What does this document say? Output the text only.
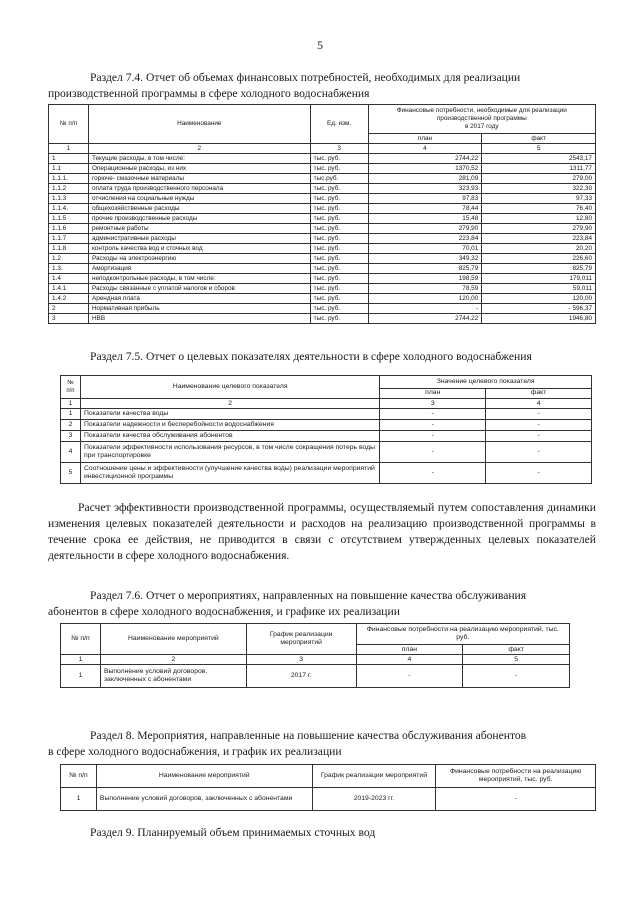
5
Раздел 7.4. Отчет об объемах финансовых потребностей, необходимых для реализации
производственной программы в сфере холодного водоснабжения
№ п/п	Наименование	Ед. изм.	Финансовые потребности, необходимые для реализации
производственной программы
в 2017 году	

			план	факт
1	2	3	4	5
1	Текущие расходы, в том числе:	тыс. руб.	2744,22	2543,17
1.1	Операционные расходы, из них	тыс. руб.	1370,52	1311,77
1.1.1.	горюче- смазочные материалы	тыс.руб.	281,09	279,00
1.1.2	оплата труда производственного персонала	тыс. руб.	323,93	322,30
1.1.3	отчисления на социальные нужды	тыс. руб.	97,83	97,33
1.1.4.	общехозяйственные расходы	тыс. руб.	78,44	76,40
1.1.5	прочие производственные расходы	тыс. руб.	15,48	12,80
1.1.6	ремонтные работы	тыс. руб.	279,90	279,90
1.1.7	административные расходы	тыс. руб.	223,84	223,84
1.1.8	контроль качества вод и сточных вод	тыс. руб.	70,01	20,20
1.2	Расходы на электроэнергию	тыс. руб.	349,32	226,60
1.3.	Амортизация	тыс. руб.	825,79	825,79
1.4	неподконтрольные расходы, в том числе:	тыс. руб.	198,59	179,011
1.4.1	Расходы связанные с уплатой налогов и сборов	тыс. руб.	78,59	59,011
1.4.2	Арендная плата	тыс. руб.	120,00	120,00
2	Нормативная прибыль	тыс. руб.	-	- 596,37
3	НВВ	тыс. руб.	2744,22	1946,80
Раздел 7.5. Отчет о целевых показателях деятельности в сфере холодного водоснабжения
№ п/п	Наименование целевого показателя	Значение целевого показателя	
		план	факт
1	2	3	4
1	Показатели качества воды	-	-
2	Показатели надежности и бесперебойности водоснабжения	-	-
3	Показатели качества обслуживания абонентов	-	-
4	Показатели эффективности использования ресурсов, в том числе сокращения потерь воды при транспортировке	-	-
5	Соотношение цены и эффективности (улучшение качества воды) реализации мероприятий инвестиционной программы	-	-
Расчет эффективности производственной программы, осуществляемый путем сопоставления динамики изменения целевых показателей деятельности и расходов на реализацию производственной программы в течение срока ее действия, не приводится в связи с отсутствием утвержденных целевых показателей деятельности в сфере холодного водоснабжения.
Раздел 7.6. Отчет о мероприятиях, направленных на повышение качества обслуживания
абонентов в сфере холодного водоснабжения, и графике их реализации
№ п/п	Наименование мероприятий	График реализации мероприятий	Финансовые потребности на реализацию мероприятий, тыс. руб.	
			план	факт
1	2	3	4	5
1	Выполнение условий договоров, заключенных с абонентами	2017 г.	-	-
Раздел 8. Мероприятия, направленные на повышение качества обслуживания абонентов
в сфере холодного водоснабжения, и график их реализации
№ п/п	Наименование мероприятий	График реализации мероприятий	Финансовые потребности на реализацию мероприятий, тыс. руб.
1	Выполнение условий договоров, заключенных с абонентами	2019-2023 гг.	-
Раздел 9. Планируемый объем принимаемых сточных вод
